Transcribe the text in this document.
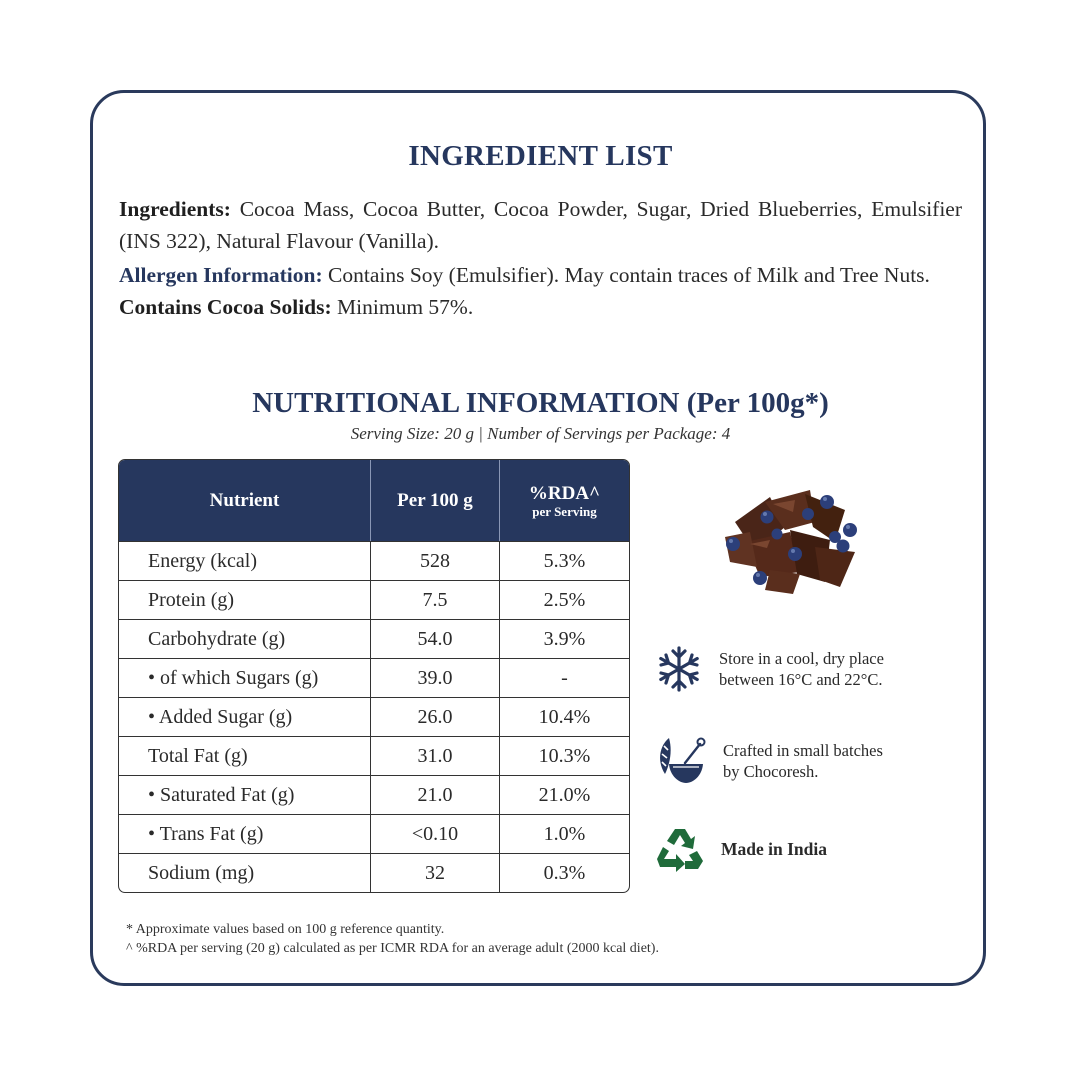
INGREDIENT LIST

Ingredients: Cocoa Mass, Cocoa Butter, Cocoa Powder, Sugar, Dried Blueberries, Emulsifier (INS 322), Natural Flavour (Vanilla).

Allergen Information: Contains Soy (Emulsifier). May contain traces of Milk and Tree Nuts.

Contains Cocoa Solids: Minimum 57%.

NUTRITIONAL INFORMATION (Per 100g*)
Serving Size: 20 g | Number of Servings per Package: 4
Nutrient	Per 100 g	%RDA^
per Serving
Energy (kcal)	528	5.3%
Protein (g)	7.5	2.5%
Carbohydrate (g)	54.0	3.9%
• of which Sugars (g)	39.0	-
• Added Sugar (g)	26.0	10.4%
Total Fat (g)	31.0	10.3%
• Saturated Fat (g)	21.0	21.0%
• Trans Fat (g)	<0.10	1.0%
Sodium (mg)	32	0.3%
Store in a cool, dry place
between 16°C and 22°C.
Crafted in small batches
by Chocoresh.
Made in India
* Approximate values based on 100 g reference quantity.
^ %RDA per serving (20 g) calculated as per ICMR RDA for an average adult (2000 kcal diet).
